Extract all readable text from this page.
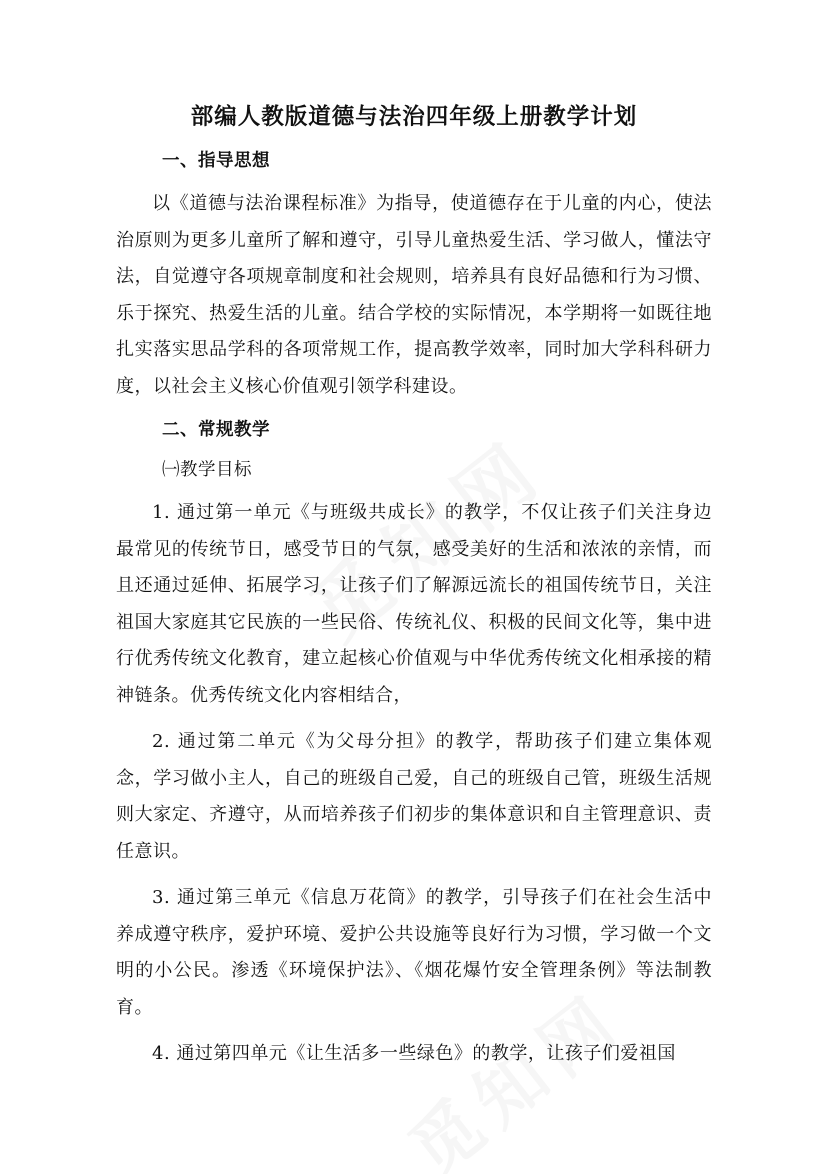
部编人教版道德与法治四年级上册教学计划
一、指导思想

以《道德与法治课程标准》为指导，使道德存在于儿童的内心，使法治原则为更多儿童所了解和遵守，引导儿童热爱生活、学习做人，懂法守法，自觉遵守各项规章制度和社会规则，培养具有良好品德和行为习惯、乐于探究、热爱生活的儿童。结合学校的实际情况，本学期将一如既往地扎实落实思品学科的各项常规工作，提高教学效率，同时加大学科科研力度，以社会主义核心价值观引领学科建设。

二、常规教学

㈠教学目标

1. 通过第一单元《与班级共成长》的教学，不仅让孩子们关注身边最常见的传统节日，感受节日的气氛，感受美好的生活和浓浓的亲情，而且还通过延伸、拓展学习，让孩子们了解源远流长的祖国传统节日，关注祖国大家庭其它民族的一些民俗、传统礼仪、积极的民间文化等，集中进行优秀传统文化教育，建立起核心价值观与中华优秀传统文化相承接的精神链条。优秀传统文化内容相结合，

2. 通过第二单元《为父母分担》的教学，帮助孩子们建立集体观念，学习做小主人，自己的班级自己爱，自己的班级自己管，班级生活规则大家定、齐遵守，从而培养孩子们初步的集体意识和自主管理意识、责任意识。

3. 通过第三单元《信息万花筒》的教学，引导孩子们在社会生活中养成遵守秩序，爱护环境、爱护公共设施等良好行为习惯，学习做一个文明的小公民。渗透《环境保护法》、《烟花爆竹安全管理条例》等法制教育。

4. 通过第四单元《让生活多一些绿色》的教学，让孩子们爱祖国
